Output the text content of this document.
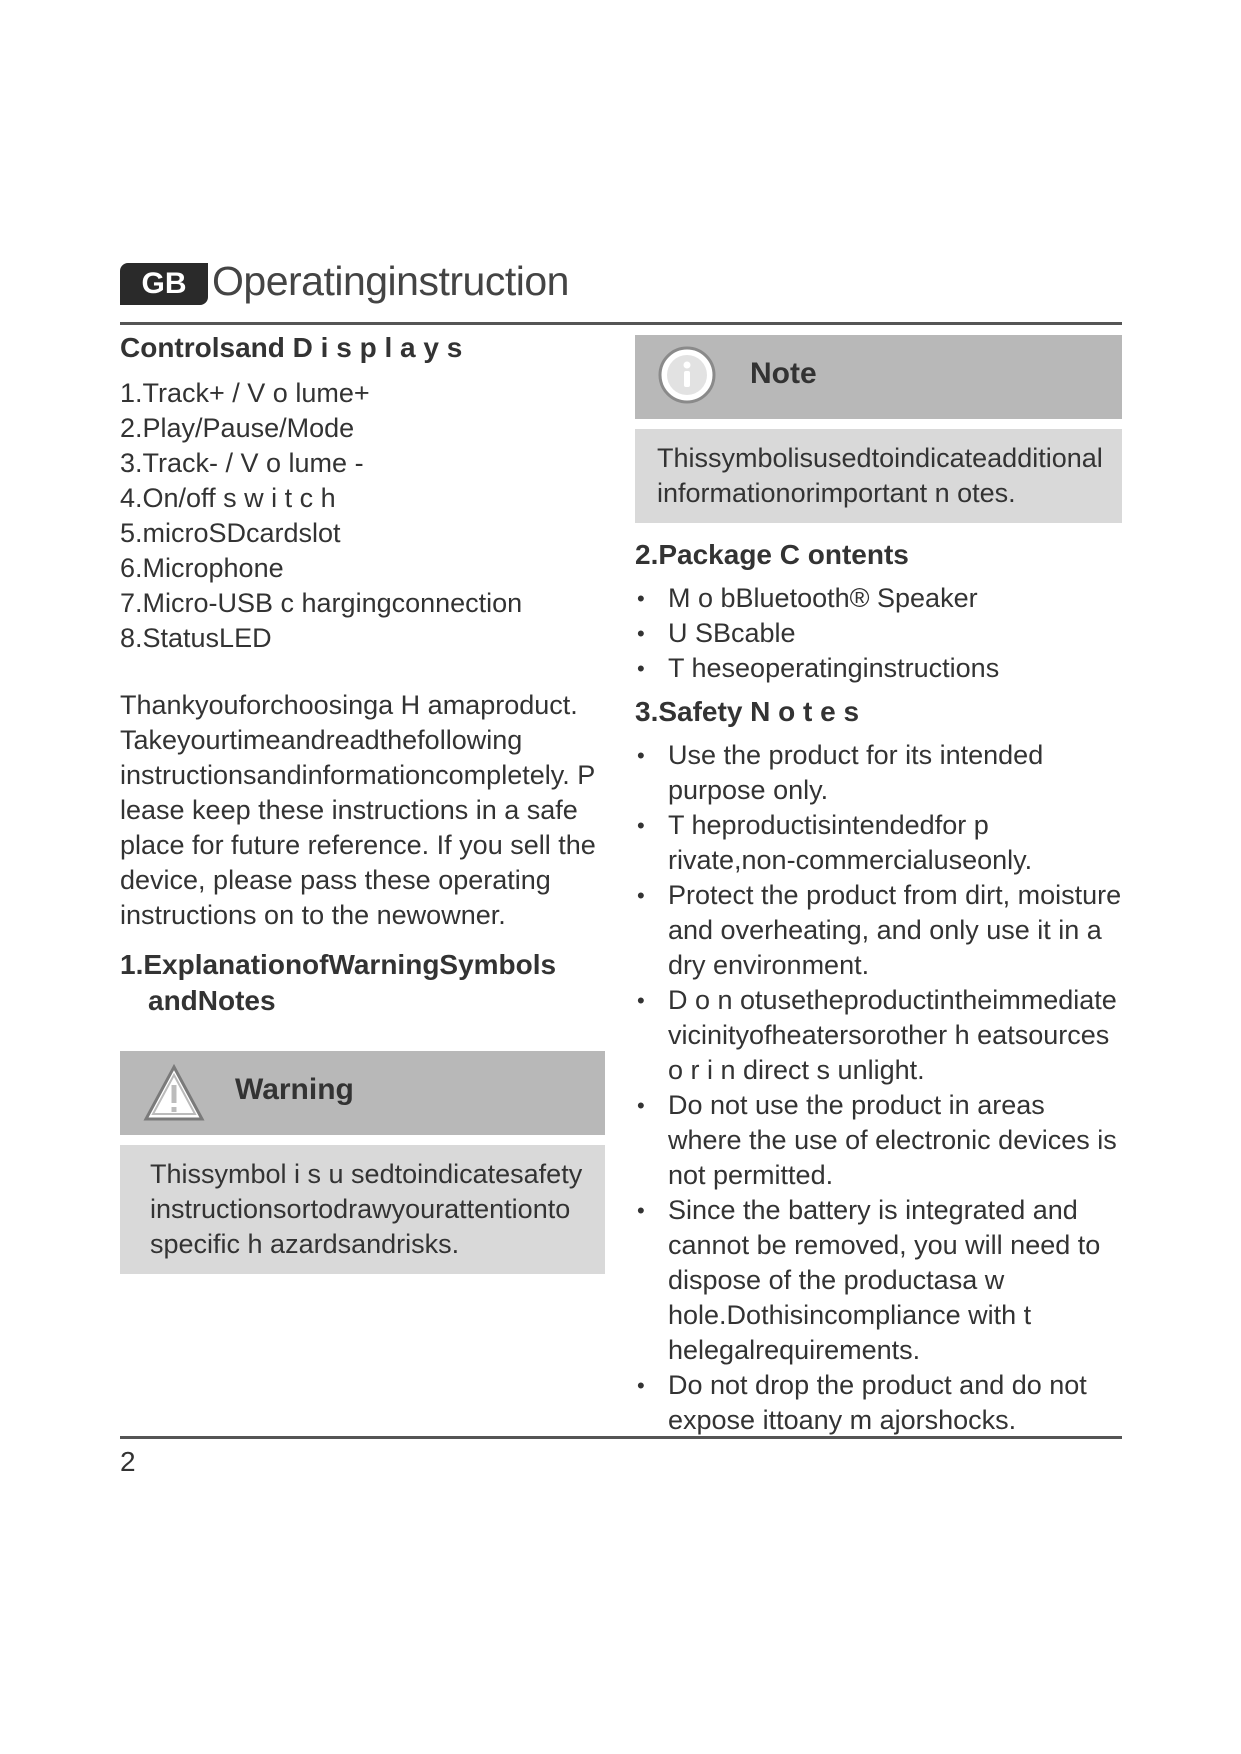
GB Operatinginstruction
Controlsand D i s p l a y s
1.Track+ / V o lume+
2.Play/Pause/Mode
3.Track- / V o lume -
4.On/off s w i t c h
5.microSDcardslot
6.Microphone
7.Micro-USB c hargingconnection
8.StatusLED

Thankyouforchoosinga H amaproduct. Takeyourtimeandreadthefollowing instructionsandinformationcompletely. P lease keep these instructions in a safe place for future reference. If you sell the device, please pass these operating instructions on to the newowner.

1.ExplanationofWarningSymbols
andNotes
Warning
Thissymbol i s u sedtoindicatesafety instructionsortodrawyourattentionto specific h azardsandrisks.
Note
Thissymbolisusedtoindicateadditional informationorimportant n otes.
2.Package C ontents
• M o bBluetooth® Speaker
• U SBcable
• T heseoperatinginstructions
3.Safety N o t e s
• Use the product for its intended purpose only.
• T heproductisintendedfor p rivate,non-commercialuseonly.
• Protect the product from dirt, moisture and overheating, and only use it in a dry environment.
• D o n otusetheproductintheimmediate vicinityofheatersorother h eatsources o r i n direct s unlight.
• Do not use the product in areas where the use of electronic devices is not permitted.
• Since the battery is integrated and cannot be removed, you will need to dispose of the productasa w hole.Dothisincompliance with t helegalrequirements.
• Do not drop the product and do not expose ittoany m ajorshocks.
2
